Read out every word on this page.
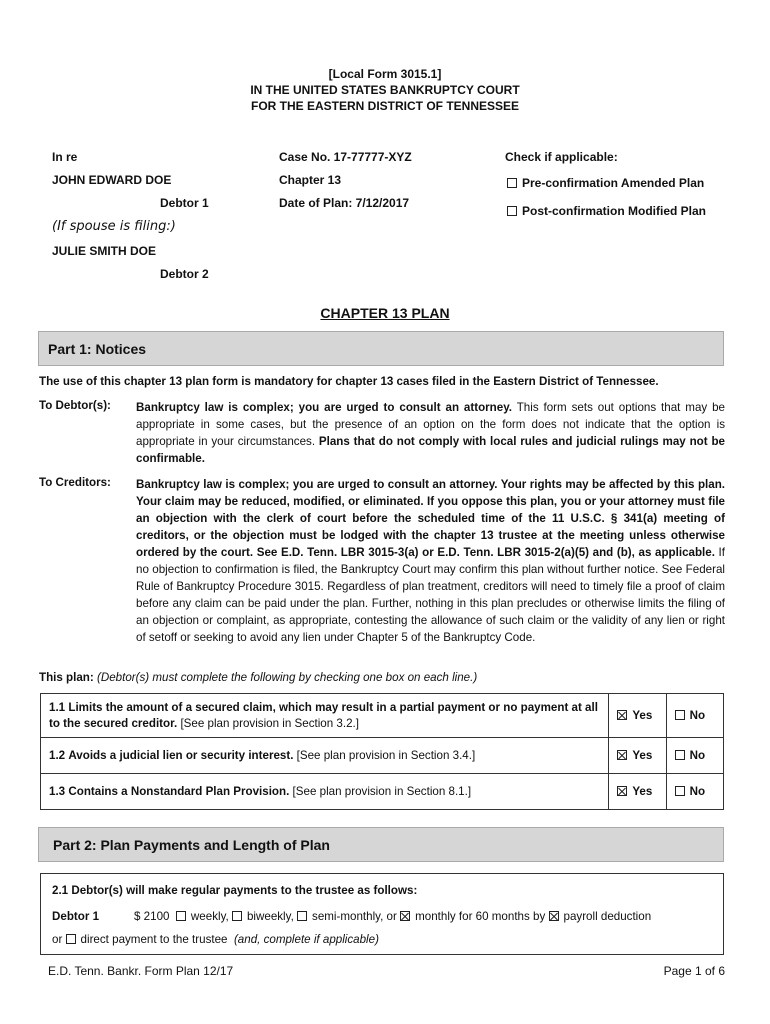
[Local Form 3015.1]
IN THE UNITED STATES BANKRUPTCY COURT
FOR THE EASTERN DISTRICT OF TENNESSEE
In re
JOHN EDWARD DOE
Debtor 1
(If spouse is filing:)
JULIE SMITH DOE
Debtor 2
Case No. 17-77777-XYZ
Chapter 13
Date of Plan: 7/12/2017
Check if applicable:
Pre-confirmation Amended Plan
Post-confirmation Modified Plan
CHAPTER 13 PLAN
Part 1: Notices
The use of this chapter 13 plan form is mandatory for chapter 13 cases filed in the Eastern District of Tennessee.
To Debtor(s): Bankruptcy law is complex; you are urged to consult an attorney. This form sets out options that may be appropriate in some cases, but the presence of an option on the form does not indicate that the option is appropriate in your circumstances. Plans that do not comply with local rules and judicial rulings may not be confirmable.
To Creditors: Bankruptcy law is complex; you are urged to consult an attorney. Your rights may be affected by this plan. Your claim may be reduced, modified, or eliminated. If you oppose this plan, you or your attorney must file an objection with the clerk of court before the scheduled time of the 11 U.S.C. § 341(a) meeting of creditors, or the objection must be lodged with the chapter 13 trustee at the meeting unless otherwise ordered by the court. See E.D. Tenn. LBR 3015-3(a) or E.D. Tenn. LBR 3015-2(a)(5) and (b), as applicable. If no objection to confirmation is filed, the Bankruptcy Court may confirm this plan without further notice. See Federal Rule of Bankruptcy Procedure 3015. Regardless of plan treatment, creditors will need to timely file a proof of claim before any claim can be paid under the plan. Further, nothing in this plan precludes or otherwise limits the filing of an objection or complaint, as appropriate, contesting the allowance of such claim or the validity of any lien or right of setoff or seeking to avoid any lien under Chapter 5 of the Bankruptcy Code.
This plan: (Debtor(s) must complete the following by checking one box on each line.)
1.1 Limits the amount of a secured claim, which may result in a partial payment or no payment at all to the secured creditor. [See plan provision in Section 3.2.]	Yes	No
1.2 Avoids a judicial lien or security interest. [See plan provision in Section 3.4.]	Yes	No
1.3 Contains a Nonstandard Plan Provision. [See plan provision in Section 8.1.]	Yes	No
Part 2: Plan Payments and Length of Plan
2.1 Debtor(s) will make regular payments to the trustee as follows:
Debtor 1	$ 2100 weekly, biweekly, semi-monthly, or monthly for 60 months by payroll deduction
or direct payment to the trustee (and, complete if applicable)
E.D. Tenn. Bankr. Form Plan 12/17	Page 1 of 6
